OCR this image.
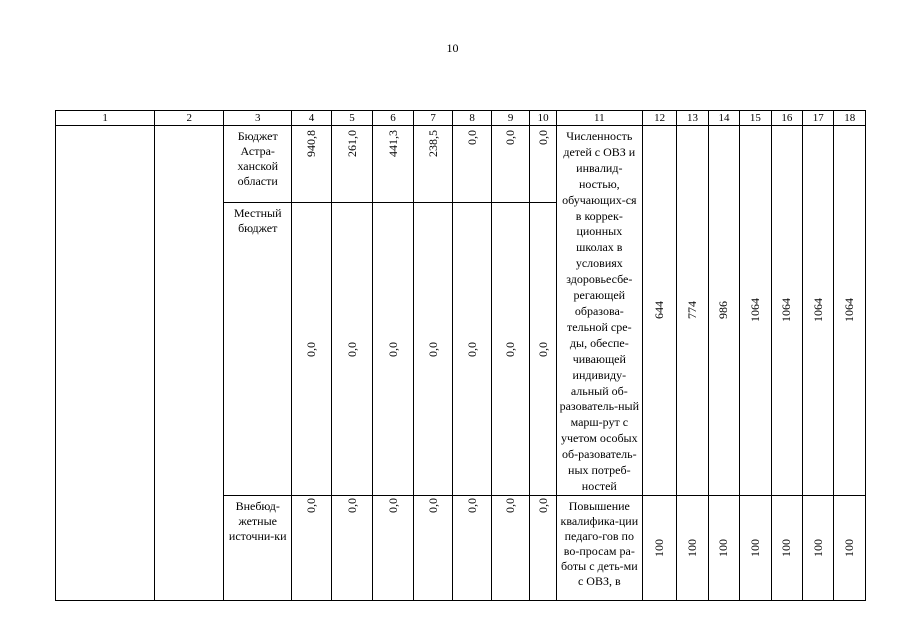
10
1	2	3	4	5	6	7	8	9	10	11	12	13	14	15	16	17	18
		Бюджет Астра-ханской области	940,8	261,0	441,3	238,5	0,0	0,0	0,0	Численность детей с ОВЗ и инвалид-ностью, обучающих-ся в коррек-ционных школах в условиях здоровьесбе-регающей образова-тельной сре-ды, обеспе-чивающей индивиду-альный об-разователь-ный марш-рут с учетом особых об-разователь-ных потреб-ностей	644	774	986	1064	1064	1064	1064

		Местный бюджет	0,0	0,0	0,0	0,0	0,0	0,0	0,0								

		Внебюд-жетные источни-ки	0,0	0,0	0,0	0,0	0,0	0,0	0,0	Повышение квалифика-ции педаго-гов по во-просам ра-боты с деть-ми с ОВЗ, в	100	100	100	100	100	100	100
